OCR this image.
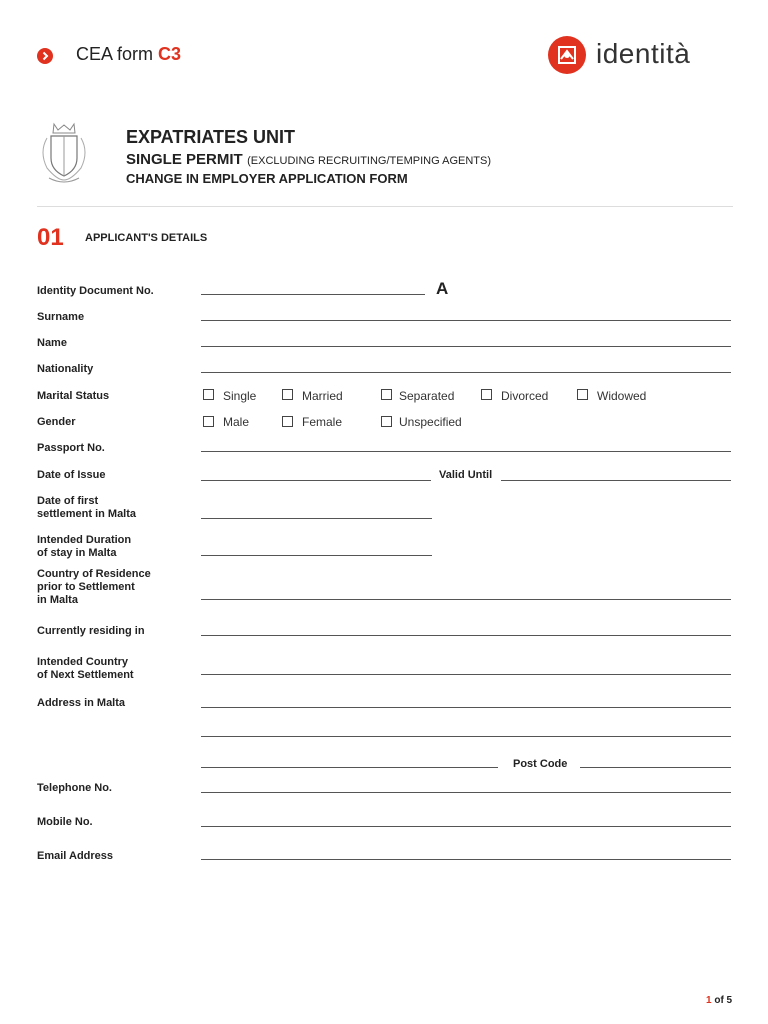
CEA form C3	identità
EXPATRIATES UNIT
SINGLE PERMIT (EXCLUDING RECRUITING/TEMPING AGENTS)
CHANGE IN EMPLOYER APPLICATION FORM
01 APPLICANT'S DETAILS
Identity Document No.	A
Surname
Name
Nationality
Marital Status	Single	Married	Separated	Divorced	Widowed
Gender	Male	Female	Unspecified
Passport No.
Date of Issue	Valid Until
Date of first
settlement in Malta
Intended Duration
of stay in Malta
Country of Residence
prior to Settlement
in Malta
Currently residing in
Intended Country
of Next Settlement
Address in Malta
Post Code
Telephone No.
Mobile No.
Email Address
1 of 5
